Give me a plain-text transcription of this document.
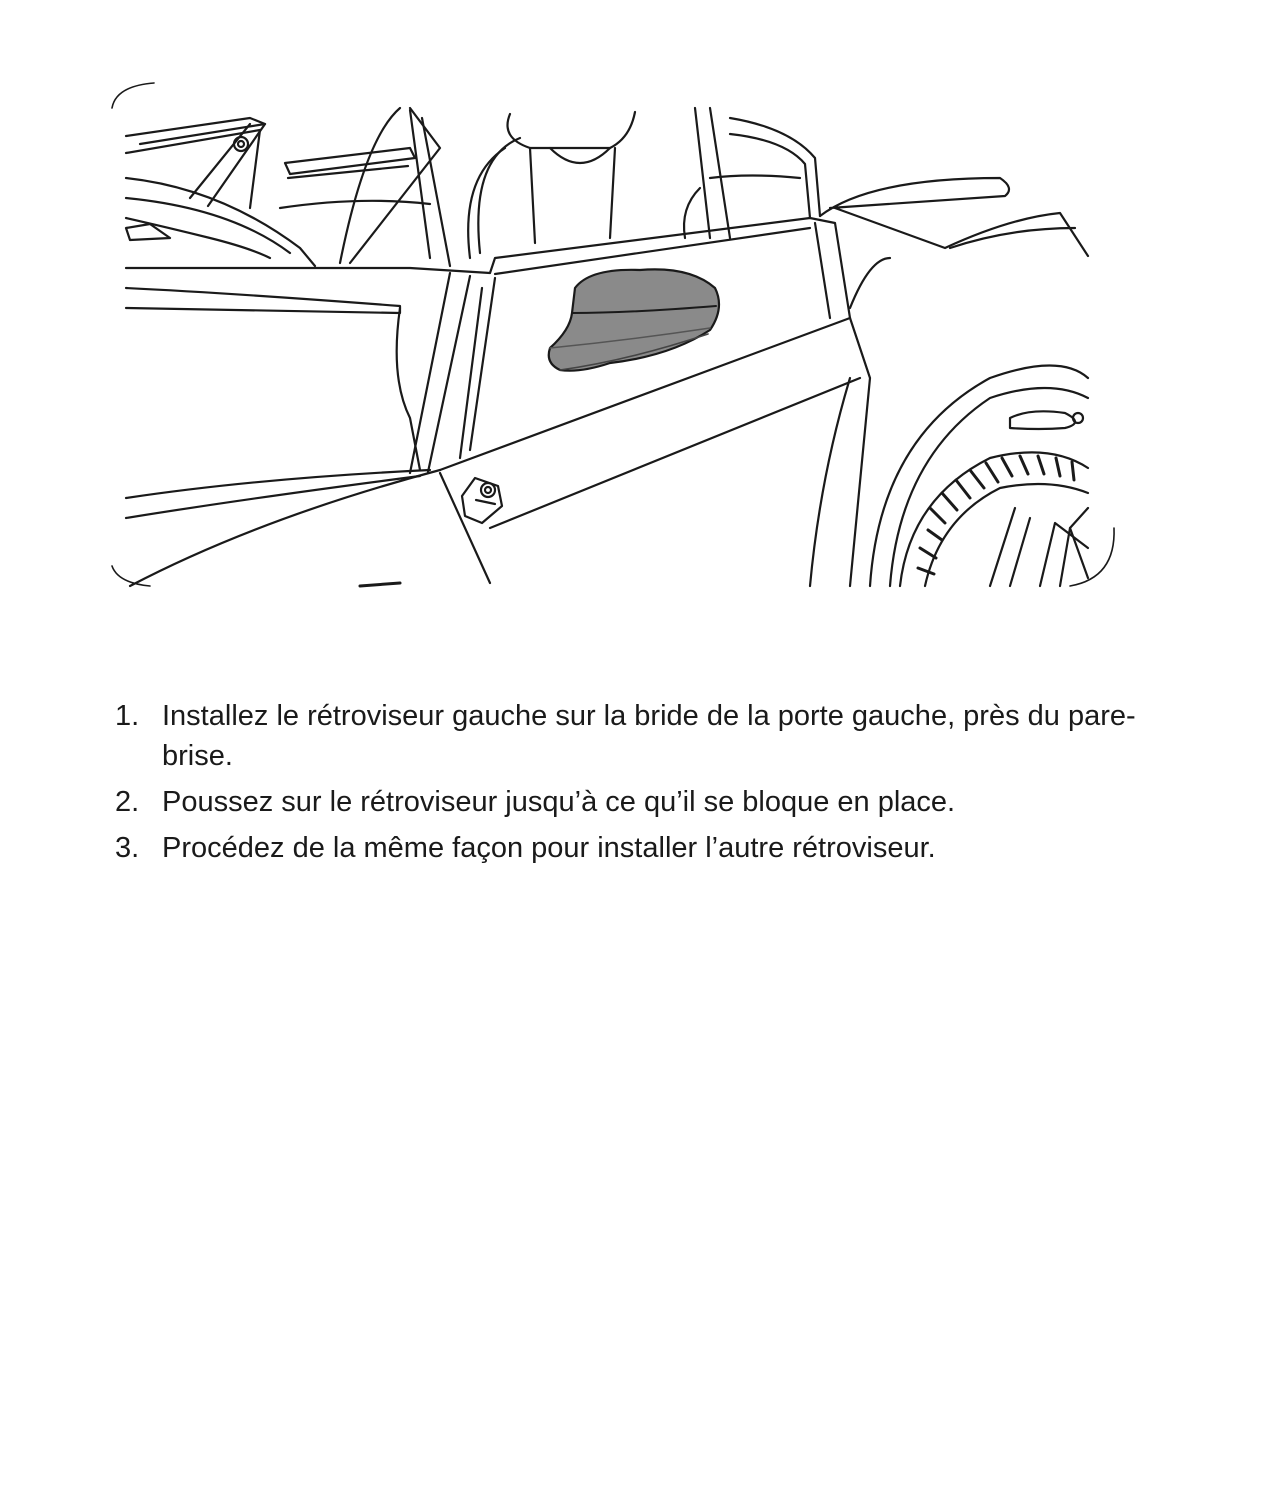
1. Installez le rétroviseur gauche sur la bride de la porte gauche, près du pare-brise.
2. Poussez sur le rétroviseur jusqu’à ce qu’il se bloque en place.
3. Procédez de la même façon pour installer l’autre rétroviseur.
